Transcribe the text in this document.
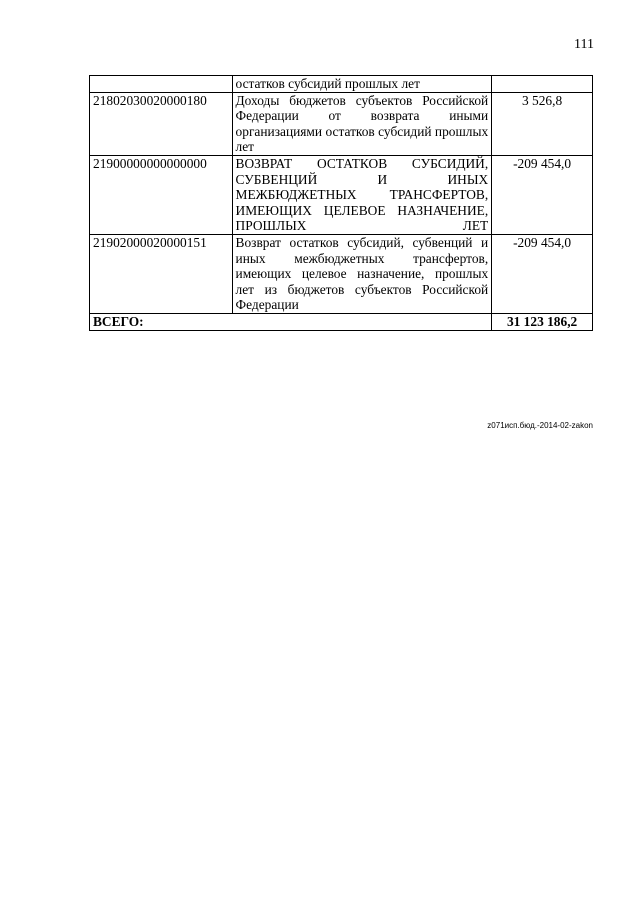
111
	остатков субсидий прошлых лет	
21802030020000180	Доходы бюджетов субъектов Российской Федерации от возврата иными организациями остатков субсидий прошлых лет	3 526,8
21900000000000000	ВОЗВРАТ ОСТАТКОВ СУБСИДИЙ, СУБВЕНЦИЙ И ИНЫХ МЕЖБЮДЖЕТНЫХ ТРАНСФЕРТОВ, ИМЕЮЩИХ ЦЕЛЕВОЕ НАЗНАЧЕНИЕ, ПРОШЛЫХ ЛЕТ	-209 454,0
21902000020000151	Возврат остатков субсидий, субвенций и иных межбюджетных трансфертов, имеющих целевое назначение, прошлых лет из бюджетов субъектов Российской Федерации	-209 454,0
ВСЕГО:		31 123 186,2
z071исп.бюд.-2014-02-zakon
